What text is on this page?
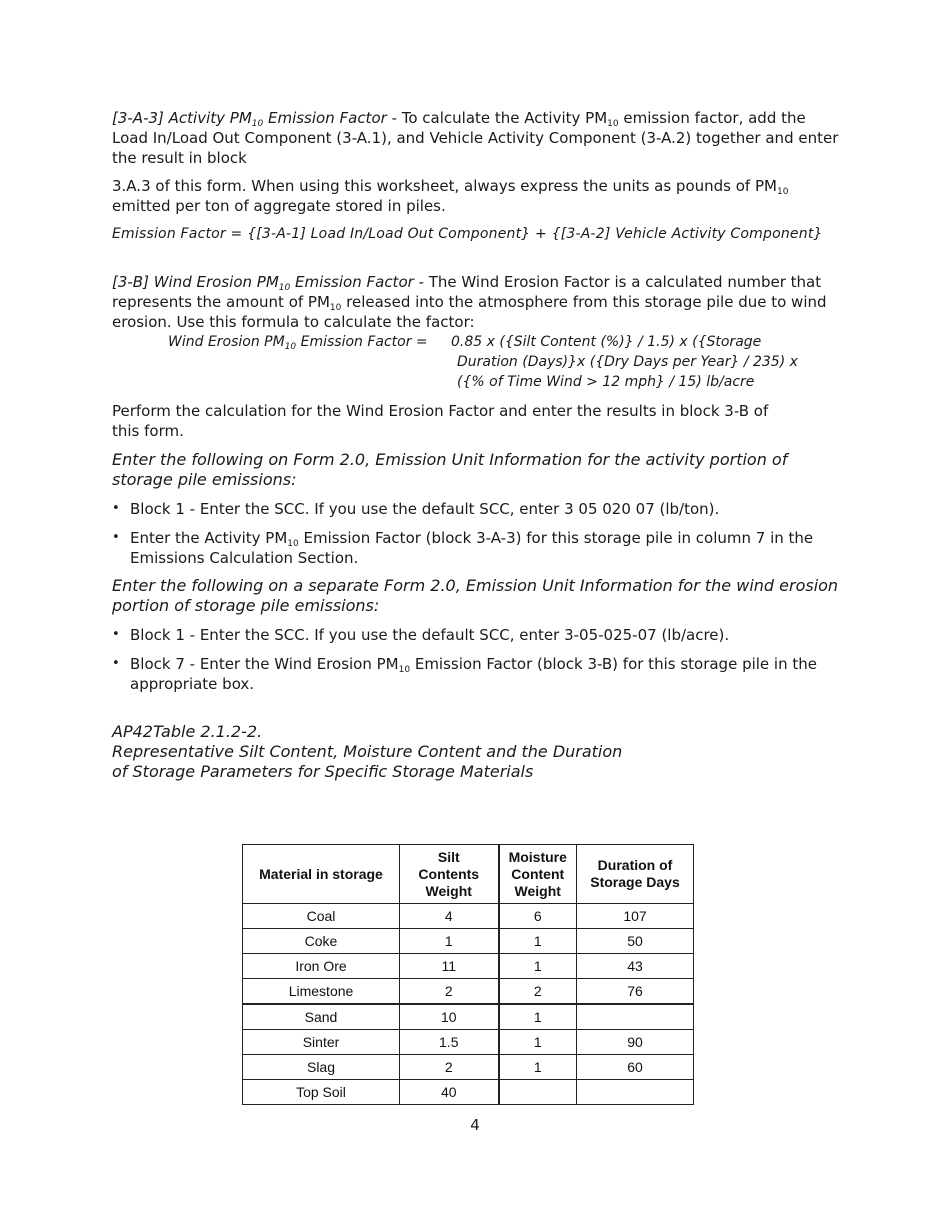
[3-A-3] Activity $PM_{10}$ Emission Factor - To calculate the Activity $PM_{10}$ emission factor, add the Load In/Load Out Component (3-A.1), and Vehicle Activity Component (3-A.2) together and enter the result in block

3.A.3 of this form. When using this worksheet, always express the units as pounds of $PM_{10}$ emitted per ton of aggregate stored in piles.

Emission Factor = {[3-A-1] Load In/Load Out Component} + {[3-A-2] Vehicle Activity Component}

[3-B] Wind Erosion $PM_{10}$ Emission Factor - The Wind Erosion Factor is a calculated number that represents the amount of $PM_{10}$ released into the atmosphere from this storage pile due to wind erosion. Use this formula to calculate the factor:

Wind Erosion $PM_{10}$ Emission Factor = 0.85 x ({Silt Content (%)} / 1.5) x ({Storage
Duration (Days)}x ({Dry Days per Year} / 235) x
({% of Time Wind > 12 mph} / 15) lb/acre

Perform the calculation for the Wind Erosion Factor and enter the results in block 3-B of this form.

Enter the following on Form 2.0, Emission Unit Information for the activity portion of storage pile emissions:

• Block 1 - Enter the SCC. If you use the default SCC, enter 3 05 020 07 (lb/ton).
• Enter the Activity $PM_{10}$ Emission Factor (block 3-A-3) for this storage pile in column 7 in the Emissions Calculation Section.

Enter the following on a separate Form 2.0, Emission Unit Information for the wind erosion portion of storage pile emissions:

• Block 1 - Enter the SCC. If you use the default SCC, enter 3-05-025-07 (lb/acre).
• Block 7 - Enter the Wind Erosion $PM_{10}$ Emission Factor (block 3-B) for this storage pile in the appropriate box.
AP42Table 2.1.2-2.
Representative Silt Content, Moisture Content and the Duration
of Storage Parameters for Specific Storage Materials
Material in storage	Silt
Contents
Weight	Moisture
Content
Weight	Duration of
Storage Days
Coal	4	6	107
Coke	1	1	50
Iron Ore	11	1	43
Limestone	2	2	76
Sand	10	1	
Sinter	1.5	1	90
Slag	2	1	60
Top Soil	40		
4
